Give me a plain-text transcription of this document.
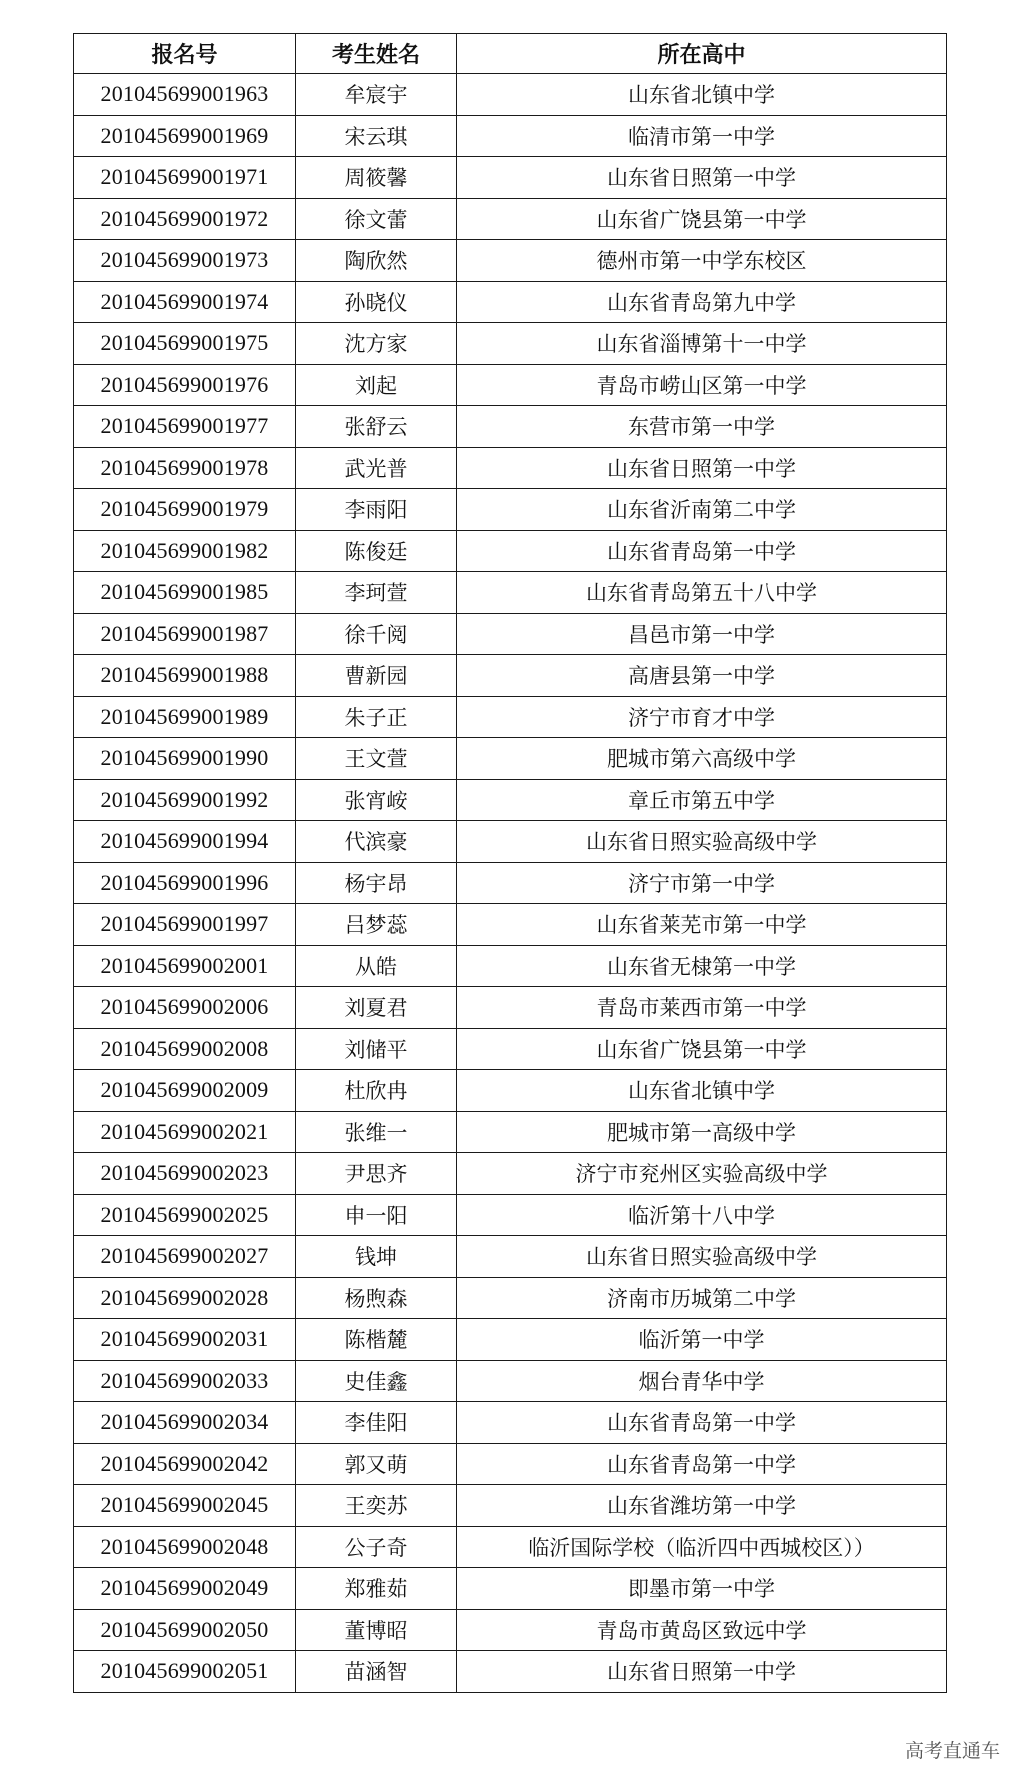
报名号	考生姓名	所在高中
201045699001963	牟宸宇	山东省北镇中学
201045699001969	宋云琪	临清市第一中学
201045699001971	周筱馨	山东省日照第一中学
201045699001972	徐文蕾	山东省广饶县第一中学
201045699001973	陶欣然	德州市第一中学东校区
201045699001974	孙晓仪	山东省青岛第九中学
201045699001975	沈方家	山东省淄博第十一中学
201045699001976	刘起	青岛市崂山区第一中学
201045699001977	张舒云	东营市第一中学
201045699001978	武光普	山东省日照第一中学
201045699001979	李雨阳	山东省沂南第二中学
201045699001982	陈俊廷	山东省青岛第一中学
201045699001985	李珂萱	山东省青岛第五十八中学
201045699001987	徐千阅	昌邑市第一中学
201045699001988	曹新园	高唐县第一中学
201045699001989	朱子正	济宁市育才中学
201045699001990	王文萱	肥城市第六高级中学
201045699001992	张宵峖	章丘市第五中学
201045699001994	代滨豪	山东省日照实验高级中学
201045699001996	杨宇昂	济宁市第一中学
201045699001997	吕梦蕊	山东省莱芜市第一中学
201045699002001	从皓	山东省无棣第一中学
201045699002006	刘夏君	青岛市莱西市第一中学
201045699002008	刘储平	山东省广饶县第一中学
201045699002009	杜欣冉	山东省北镇中学
201045699002021	张维一	肥城市第一高级中学
201045699002023	尹思齐	济宁市兖州区实验高级中学
201045699002025	申一阳	临沂第十八中学
201045699002027	钱坤	山东省日照实验高级中学
201045699002028	杨煦森	济南市历城第二中学
201045699002031	陈楷麓	临沂第一中学
201045699002033	史佳鑫	烟台青华中学
201045699002034	李佳阳	山东省青岛第一中学
201045699002042	郭又萌	山东省青岛第一中学
201045699002045	王奕苏	山东省潍坊第一中学
201045699002048	公子奇	临沂国际学校（临沂四中西城校区））
201045699002049	郑雅茹	即墨市第一中学
201045699002050	董博昭	青岛市黄岛区致远中学
201045699002051	苗涵智	山东省日照第一中学
高考直通车
